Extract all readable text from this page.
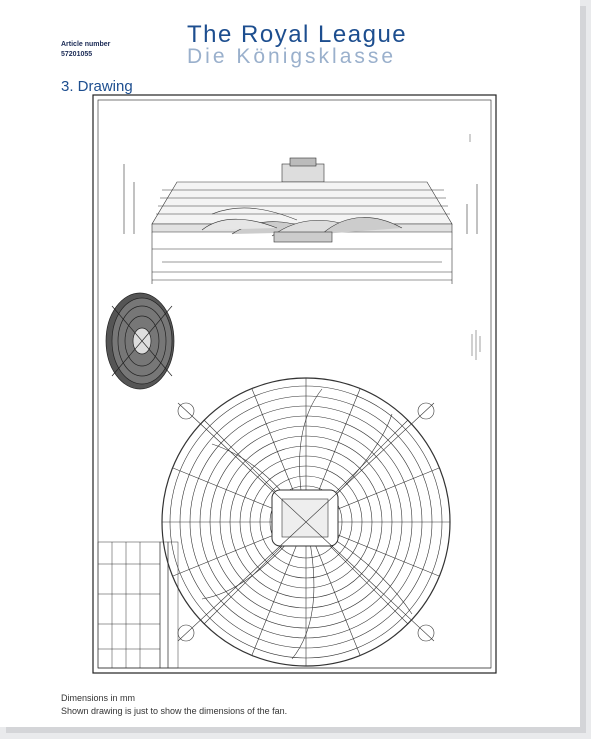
Article number
57201055
The Royal League
Die Königsklasse
3. Drawing
Dimensions in mm
Shown drawing is just to show the dimensions of the fan.
